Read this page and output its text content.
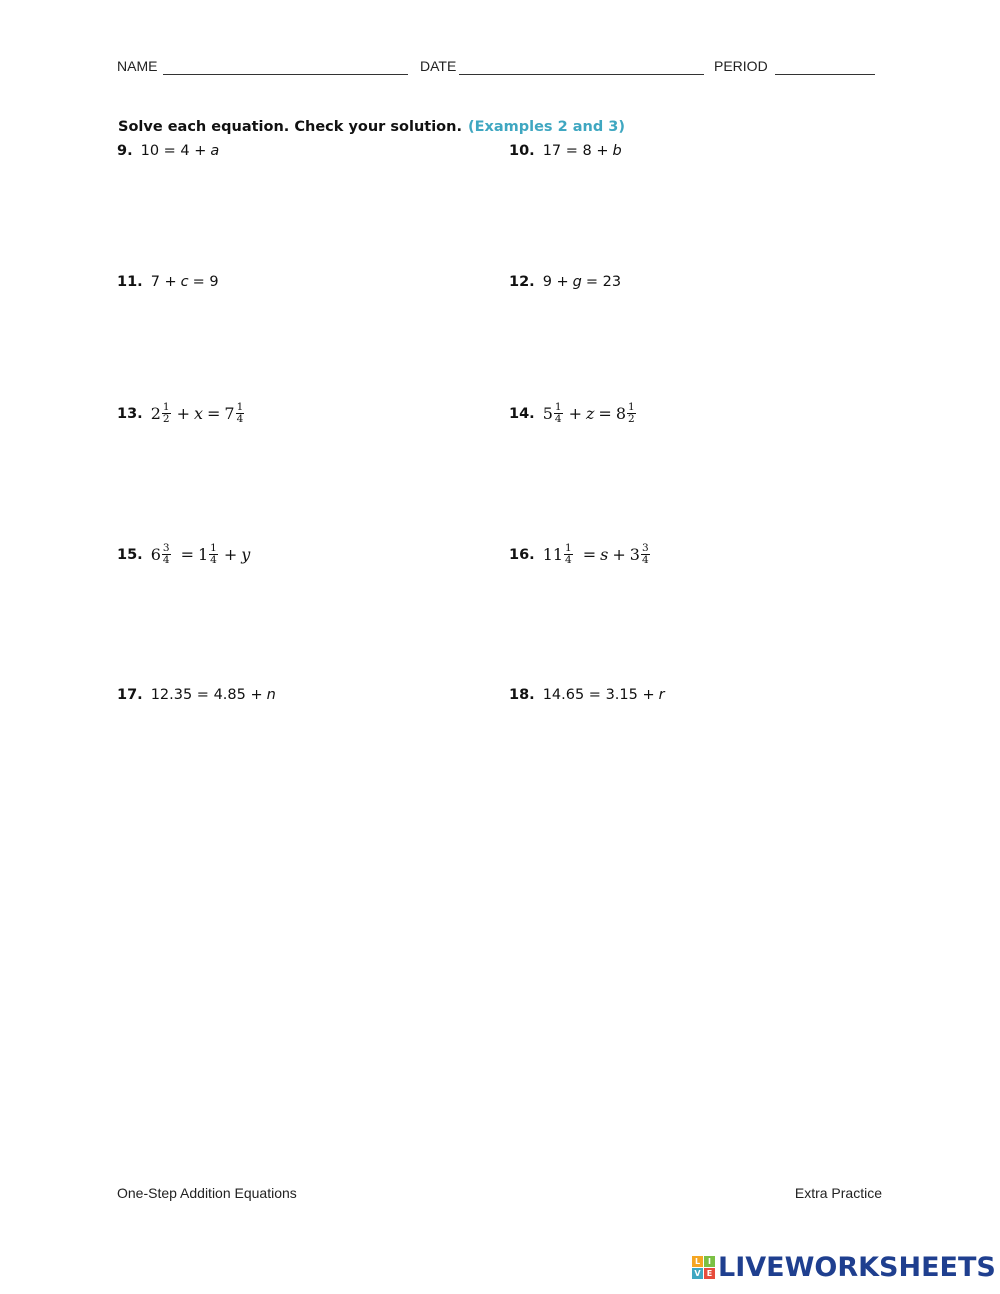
NAME	DATE	PERIOD
Solve each equation. Check your solution. (Examples 2 and 3)
9. 10 = 4 + a	10. 17 = 8 + b
11. 7 + c = 9	12. 9 + g = 23
13. $2 \frac{1}{2} + x = 7 \frac{1}{4}$	14. $5 \frac{1}{4} + z = 8 \frac{1}{2}$
15. $6 \frac{3}{4} = 1 \frac{1}{4} + y$	16. $11 \frac{1}{4} = s + 3 \frac{3}{4}$
17. 12.35 = 4.85 + n	18. 14.65 = 3.15 + r
One-Step Addition Equations	Extra Practice
L I
V E LIVEWORKSHEETS
